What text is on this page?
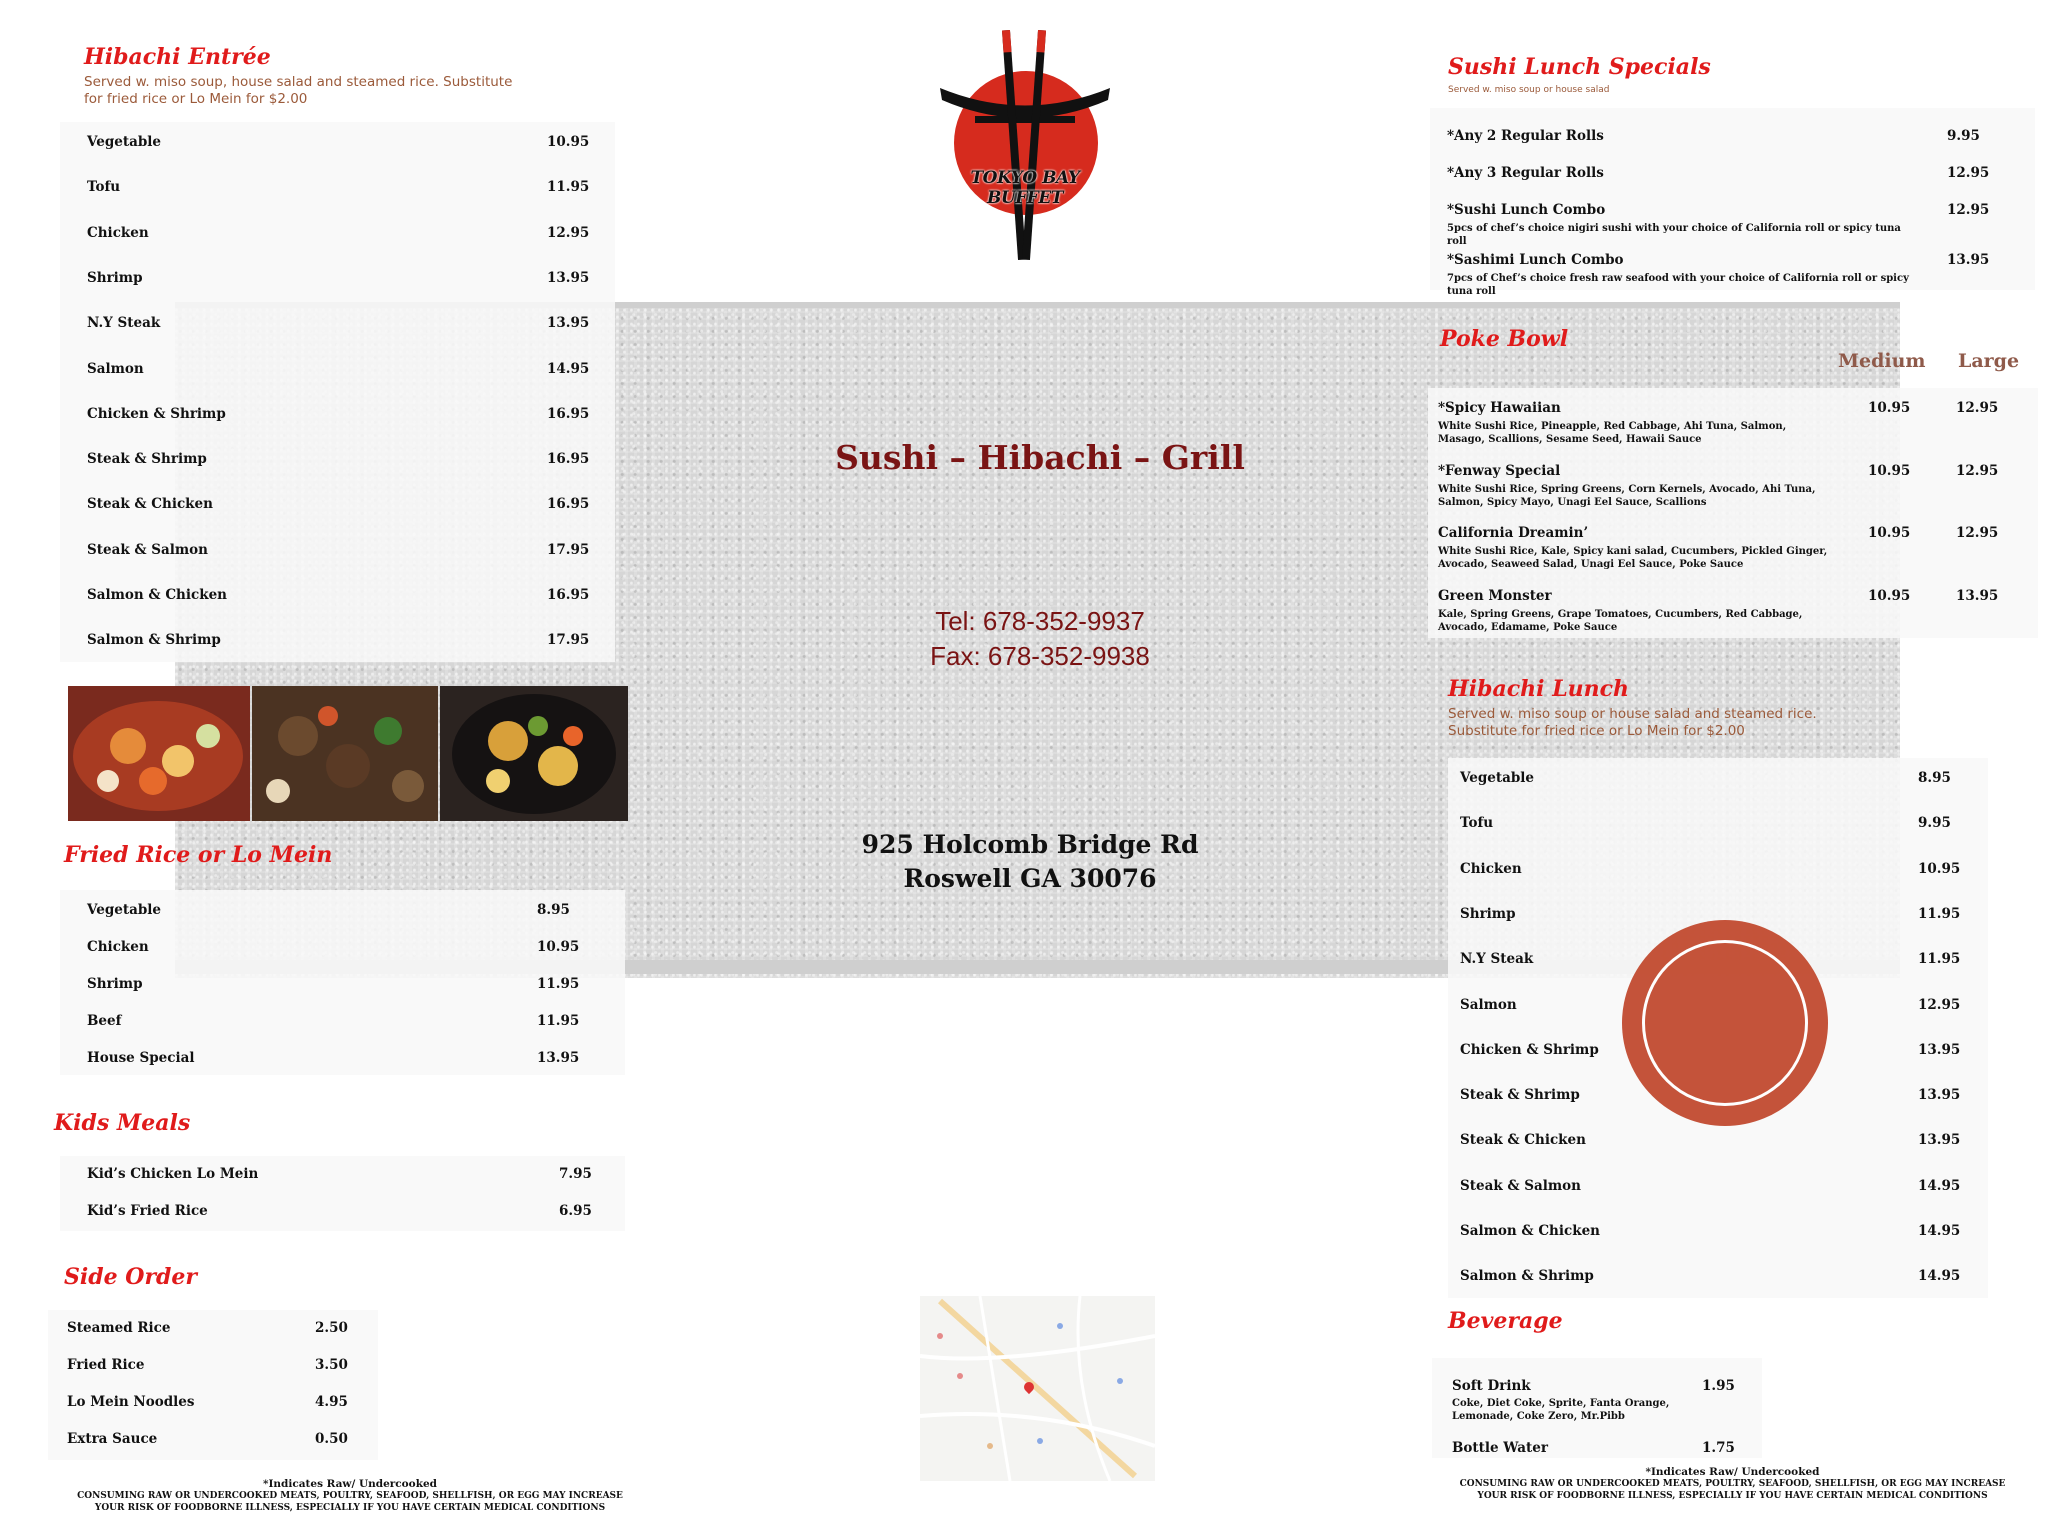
Hibachi Entrée
Served w. miso soup, house salad and steamed rice. Substitute for fried rice or Lo Mein for $2.00
Vegetable	10.95
Tofu	11.95
Chicken	12.95
Shrimp	13.95
N.Y Steak	13.95
Salmon	14.95
Chicken & Shrimp	16.95
Steak & Shrimp	16.95
Steak & Chicken	16.95
Steak & Salmon	17.95
Salmon & Chicken	16.95
Salmon & Shrimp	17.95
Fried Rice or Lo Mein
Vegetable	8.95
Chicken	10.95
Shrimp	11.95
Beef	11.95
House Special	13.95
Kids Meals
Kid’s Chicken Lo Mein	7.95
Kid’s Fried Rice	6.95
Side Order
Steamed Rice	2.50
Fried Rice	3.50
Lo Mein Noodles	4.95
Extra Sauce	0.50
*Indicates Raw/ Undercooked
CONSUMING RAW OR UNDERCOOKED MEATS, POULTRY, SEAFOOD, SHELLFISH, OR EGG MAY INCREASE
YOUR RISK OF FOODBORNE ILLNESS, ESPECIALLY IF YOU HAVE CERTAIN MEDICAL CONDITIONS
TOKYO BAY BUFFET
Sushi – Hibachi – Grill
Tel: 678-352-9937
Fax: 678-352-9938
925 Holcomb Bridge Rd
Roswell GA 30076
Sushi Lunch Specials
Served w. miso soup or house salad
*Any 2 Regular Rolls	9.95
*Any 3 Regular Rolls	12.95
*Sushi Lunch Combo	12.95
5pcs of chef’s choice nigiri sushi with your choice of California roll or spicy tuna roll
*Sashimi Lunch Combo	13.95
7pcs of Chef’s choice fresh raw seafood with your choice of California roll or spicy tuna roll
Poke Bowl
Medium Large
*Spicy Hawaiian	10.95	12.95
White Sushi Rice, Pineapple, Red Cabbage, Ahi Tuna, Salmon, Masago, Scallions, Sesame Seed, Hawaii Sauce
*Fenway Special	10.95	12.95
White Sushi Rice, Spring Greens, Corn Kernels, Avocado, Ahi Tuna, Salmon, Spicy Mayo, Unagi Eel Sauce, Scallions
California Dreamin’	10.95	12.95
White Sushi Rice, Kale, Spicy kani salad, Cucumbers, Pickled Ginger, Avocado, Seaweed Salad, Unagi Eel Sauce, Poke Sauce
Green Monster	10.95	13.95
Kale, Spring Greens, Grape Tomatoes, Cucumbers, Red Cabbage, Avocado, Edamame, Poke Sauce
Hibachi Lunch
Served w. miso soup or house salad and steamed rice. Substitute for fried rice or Lo Mein for $2.00
Vegetable	8.95
Tofu	9.95
Chicken	10.95
Shrimp	11.95
N.Y Steak	11.95
Salmon	12.95
Chicken & Shrimp	13.95
Steak & Shrimp	13.95
Steak & Chicken	13.95
Steak & Salmon	14.95
Salmon & Chicken	14.95
Salmon & Shrimp	14.95
Beverage
Soft Drink	1.95
Coke, Diet Coke, Sprite, Fanta Orange, Lemonade, Coke Zero, Mr.Pibb
Bottle Water	1.75
*Indicates Raw/ Undercooked
CONSUMING RAW OR UNDERCOOKED MEATS, POULTRY, SEAFOOD, SHELLFISH, OR EGG MAY INCREASE
YOUR RISK OF FOODBORNE ILLNESS, ESPECIALLY IF YOU HAVE CERTAIN MEDICAL CONDITIONS
